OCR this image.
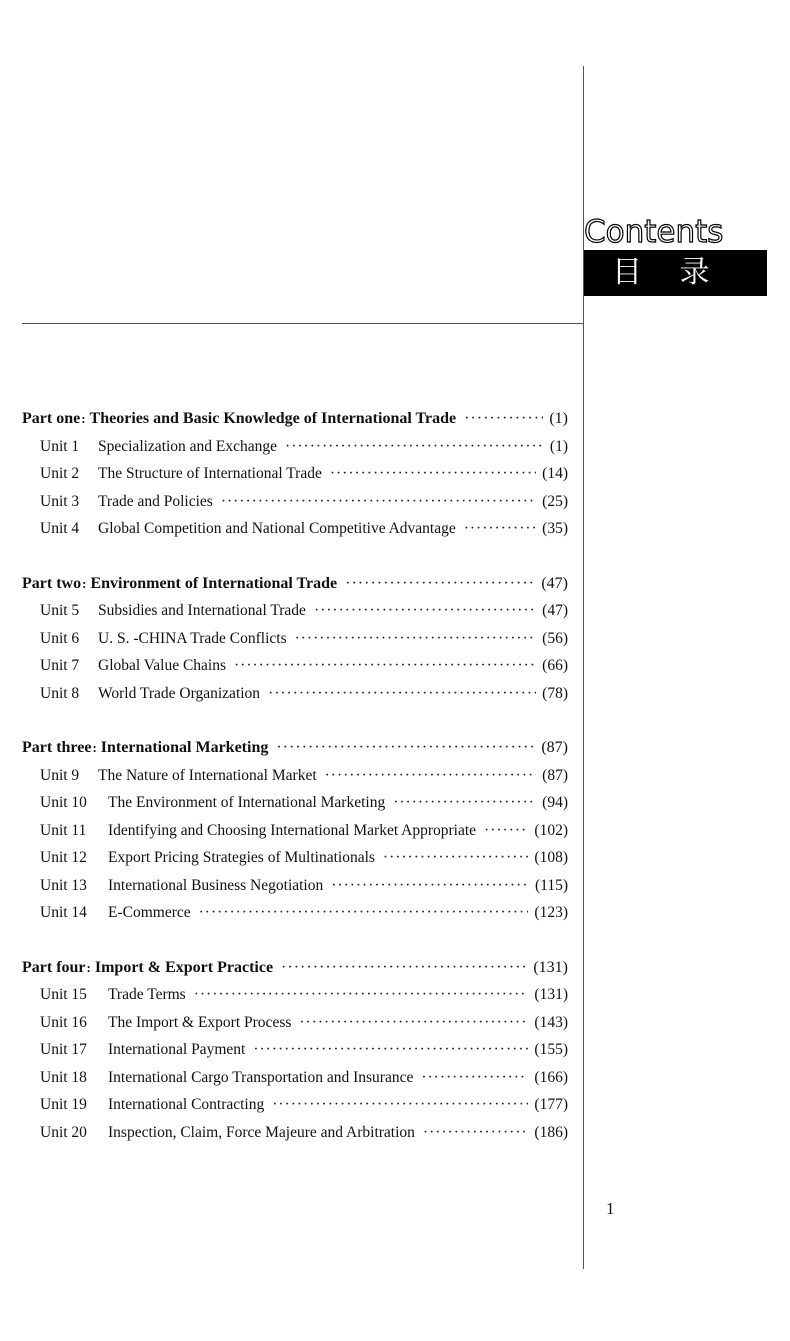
Contents
目 录
Part one : Theories and Basic Knowledge of International Trade ·····	(1)
Unit 1	Specialization and Exchange ·····	(1)
Unit 2	The Structure of International Trade ·····	(14)
Unit 3	Trade and Policies ·····	(25)
Unit 4	Global Competition and National Competitive Advantage ·····	(35)
Part two : Environment of International Trade ·····	(47)
Unit 5	Subsidies and International Trade ·····	(47)
Unit 6	U. S. -CHINA Trade Conflicts ·····	(56)
Unit 7	Global Value Chains ·····	(66)
Unit 8	World Trade Organization ·····	(78)
Part three : International Marketing ·····	(87)
Unit 9	The Nature of International Market ·····	(87)
Unit 10	The Environment of International Marketing ·····	(94)
Unit 11	Identifying and Choosing International Market Appropriate ·····	(102)
Unit 12	Export Pricing Strategies of Multinationals ·····	(108)
Unit 13	International Business Negotiation ·····	(115)
Unit 14	E-Commerce ·····	(123)
Part four : Import & Export Practice ·····	(131)
Unit 15	Trade Terms ·····	(131)
Unit 16	The Import & Export Process ·····	(143)
Unit 17	International Payment ·····	(155)
Unit 18	International Cargo Transportation and Insurance ·····	(166)
Unit 19	International Contracting ·····	(177)
Unit 20	Inspection, Claim, Force Majeure and Arbitration ·····	(186)
1
